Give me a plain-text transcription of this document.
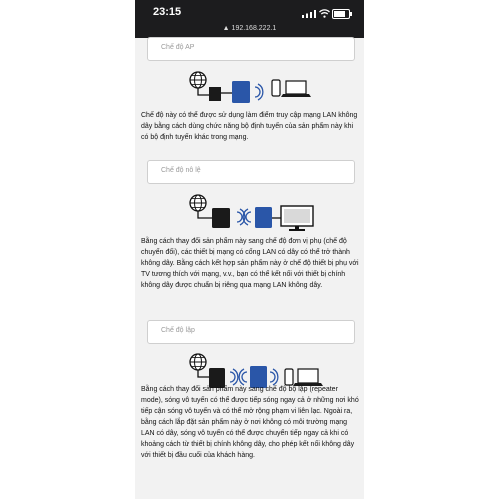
23:15
▲ 192.168.222.1
Chế độ AP
Chế độ này có thể được sử dụng làm điểm truy cập mạng LAN không dây bằng cách dùng chức năng bộ định tuyến của sản phẩm này khi có bộ định tuyến khác trong mạng.
Chế độ nô lệ
Bằng cách thay đổi sản phẩm này sang chế độ đơn vị phụ (chế độ chuyển đổi), các thiết bị mạng có cổng LAN có dây có thể trở thành không dây. Bằng cách kết hợp sản phẩm này ở chế độ thiết bị phụ với TV tương thích với mạng, v.v., bạn có thể kết nối với thiết bị chính không dây được chuẩn bị riêng qua mạng LAN không dây.
Chế độ lặp
Bằng cách thay đổi sản phẩm này sang chế độ bộ lặp (repeater mode), sóng vô tuyến có thể được tiếp sóng ngay cả ở những nơi khó tiếp cận sóng vô tuyến và có thể mở rộng phạm vi liên lạc. Ngoài ra, bằng cách lắp đặt sản phẩm này ở nơi không có môi trường mạng LAN có dây, sóng vô tuyến có thể được chuyển tiếp ngay cả khi có khoảng cách từ thiết bị chính không dây, cho phép kết nối không dây với thiết bị đầu cuối của khách hàng.
